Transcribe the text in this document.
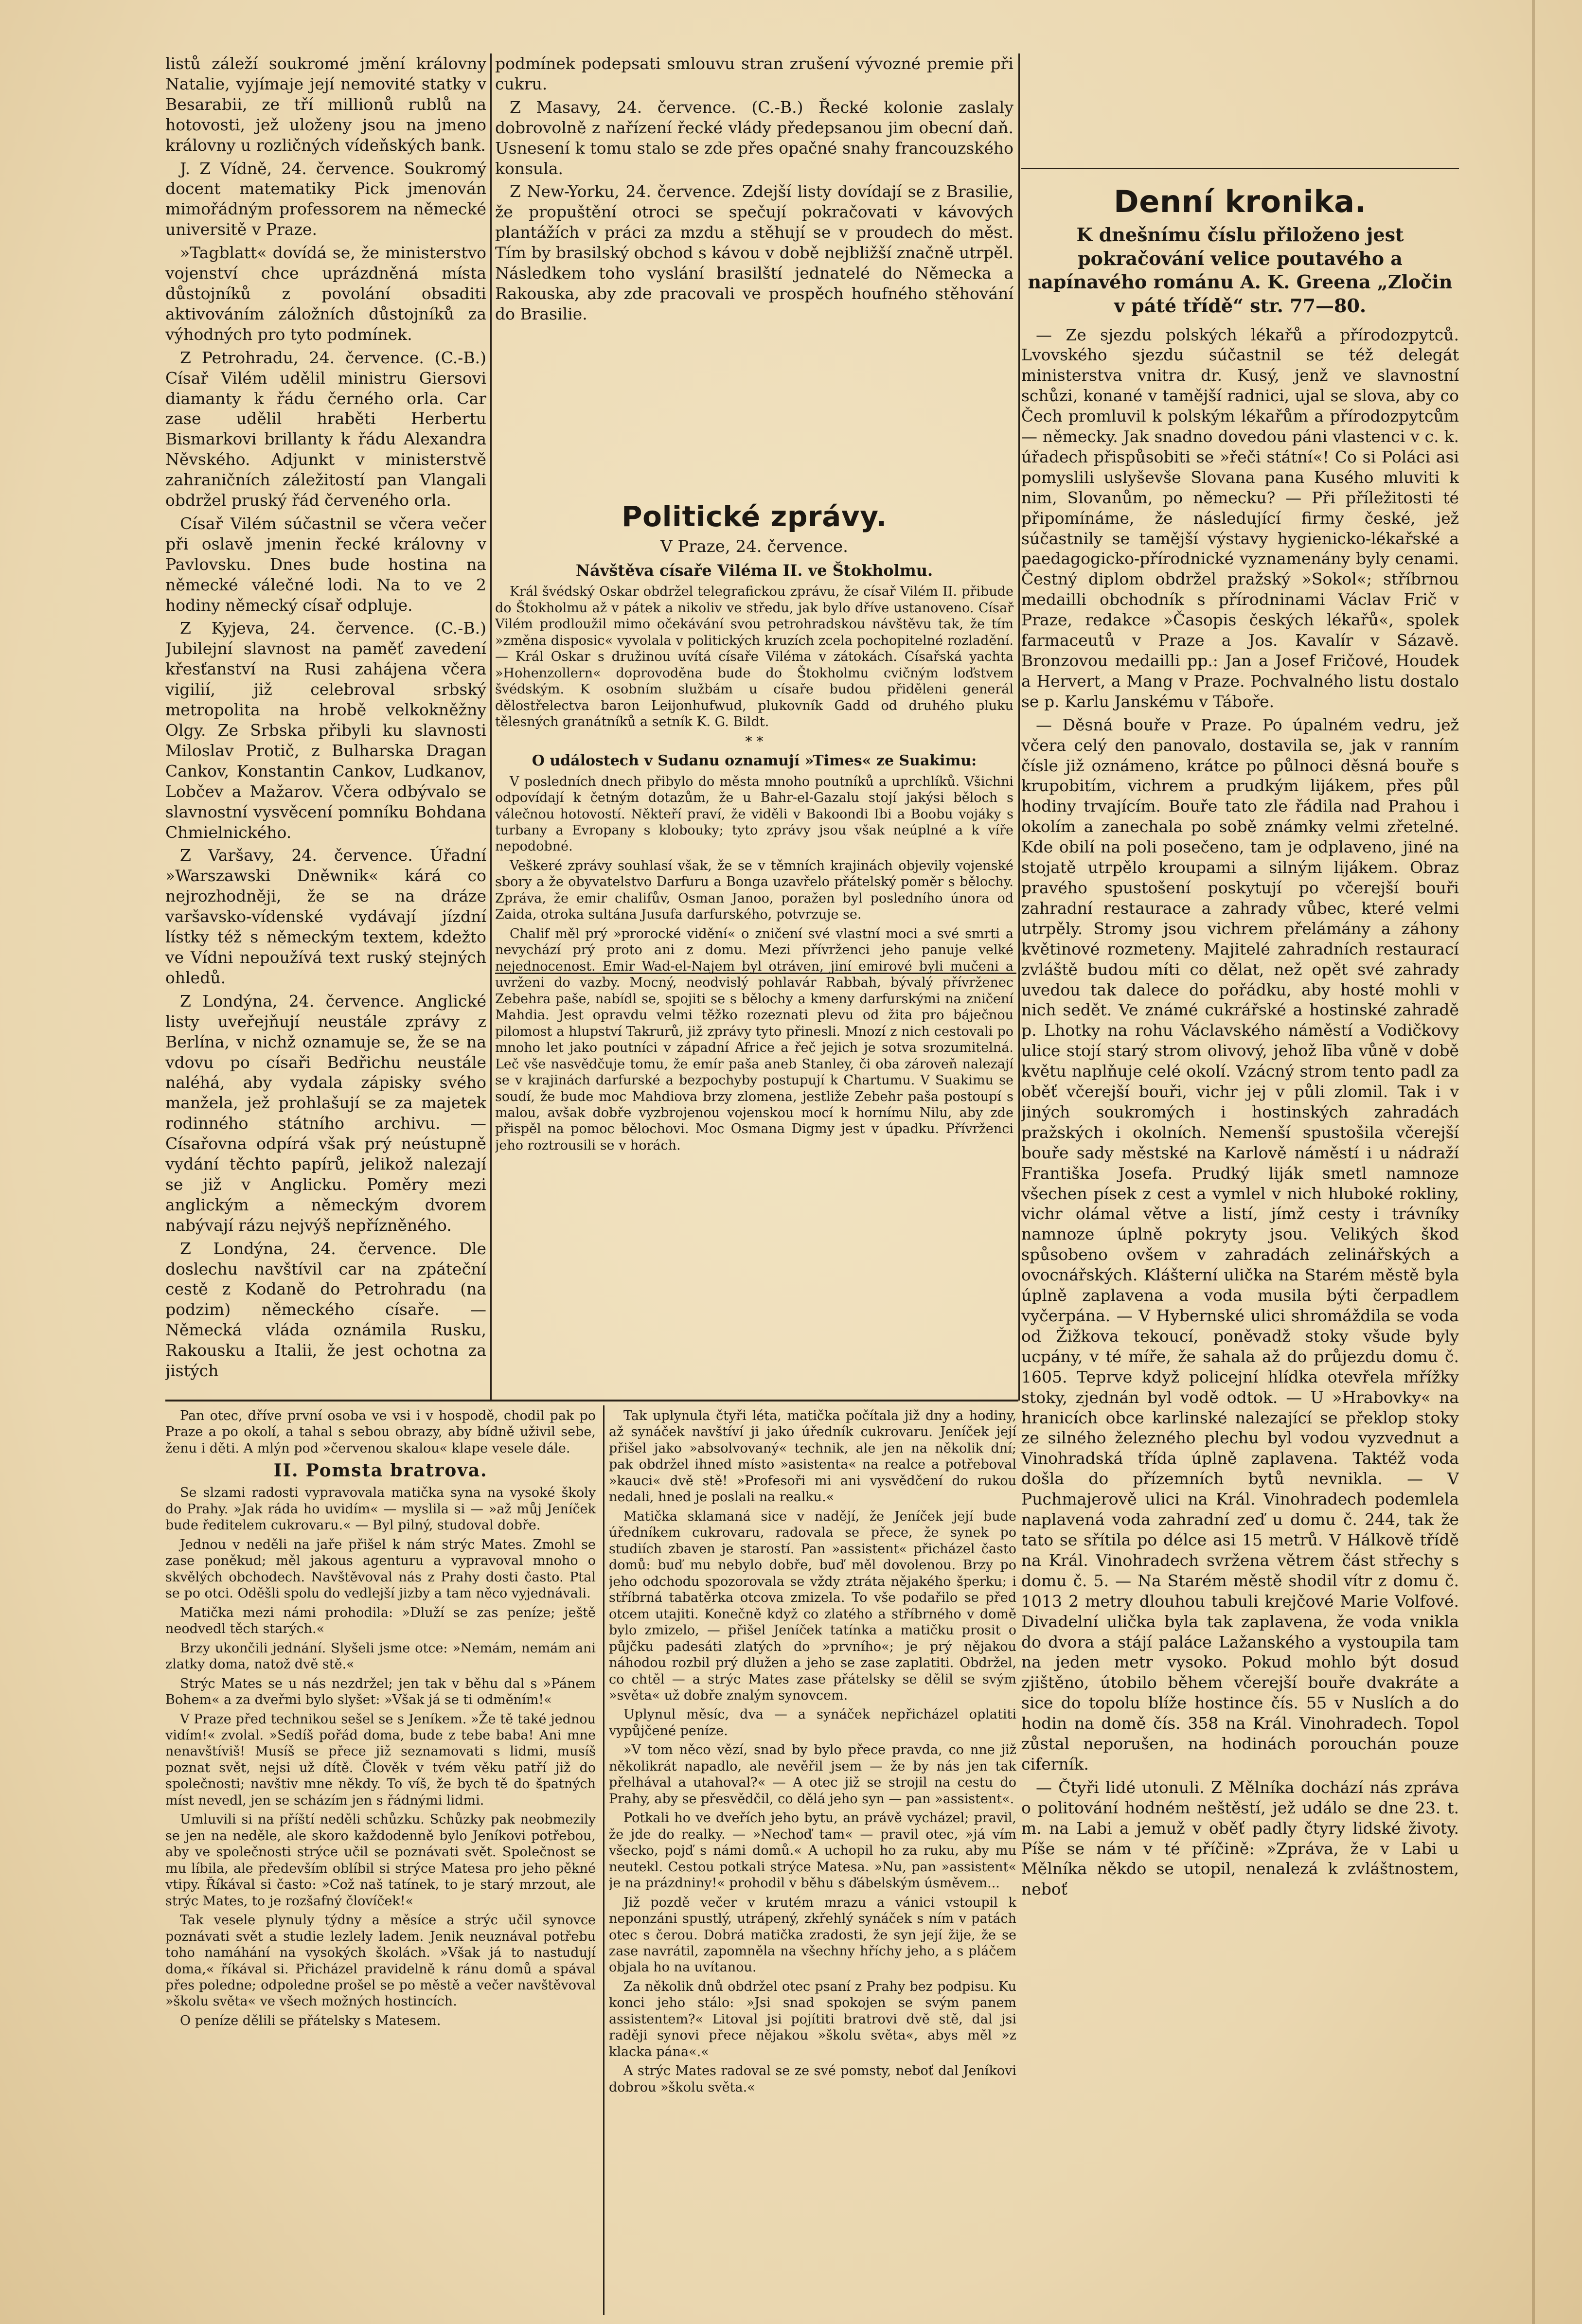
listů záleží soukromé jmění královny Natalie, vyjímaje její nemovité statky v Besarabii, ze tří millionů rublů na hotovosti, jež uloženy jsou na jmeno královny u rozličných vídeňských bank.

J. Z Vídně, 24. července. Soukromý docent matematiky Pick jmenován mimořádným professorem na německé universitě v Praze.

»Tagblatt« dovídá se, že ministerstvo vojenství chce uprázdněná místa důstojníků z povolání obsaditi aktivováním záložních důstojníků za výhodných pro tyto podmínek.

Z Petrohradu, 24. července. (C.-B.) Císař Vilém udělil ministru Giersovi diamanty k řádu černého orla. Car zase udělil hraběti Herbertu Bismarkovi brillanty k řádu Alexandra Něvského. Adjunkt v ministerstvě zahraničních záležitostí pan Vlangali obdržel pruský řád červeného orla.

Císař Vilém súčastnil se včera večer při oslavě jmenin řecké královny v Pavlovsku. Dnes bude hostina na německé válečné lodi. Na to ve 2 hodiny německý císař odpluje.

Z Kyjeva, 24. července. (C.-B.) Jubilejní slavnost na paměť zavedení křesťanství na Rusi zahájena včera vigilií, již celebroval srbský metropolita na hrobě velkokněžny Olgy. Ze Srbska přibyli ku slavnosti Miloslav Protič, z Bulharska Dragan Cankov, Konstantin Cankov, Ludkanov, Lobčev a Mažarov. Včera odbývalo se slavnostní vysvěcení pomníku Bohdana Chmielnického.

Z Varšavy, 24. července. Úřadní »Warszawski Dněwnik« kárá co nejrozhodněji, že se na dráze varšavsko-vídenské vydávají jízdní lístky též s německým textem, kdežto ve Vídni nepoužívá text ruský stejných ohledů.

Z Londýna, 24. července. Anglické listy uveřejňují neustále zprávy z Berlína, v nichž oznamuje se, že se na vdovu po císaři Bedřichu neustále naléhá, aby vydala zápisky svého manžela, jež prohlašují se za majetek rodinného státního archivu. — Císařovna odpírá však prý neústupně vydání těchto papírů, jelikož nalezají se již v Anglicku. Poměry mezi anglickým a německým dvorem nabývají rázu nejvýš nepřízněného.

Z Londýna, 24. července. Dle doslechu navštívil car na zpáteční cestě z Kodaně do Petrohradu (na podzim) německého císaře. — Německá vláda oznámila Rusku, Rakousku a Italii, že jest ochotna za jistých

podmínek podepsati smlouvu stran zrušení vývozné premie při cukru.

Z Masavy, 24. července. (C.-B.) Řecké kolonie zaslaly dobrovolně z nařízení řecké vlády předepsanou jim obecní daň. Usnesení k tomu stalo se zde přes opačné snahy francouzského konsula.

Z New-Yorku, 24. července. Zdejší listy dovídají se z Brasilie, že propuštění otroci se spečují pokračovati v kávových plantážích v práci za mzdu a stěhují se v proudech do měst. Tím by brasilský obchod s kávou v době nejbližší značně utrpěl. Následkem toho vyslání brasilští jednatelé do Německa a Rakouska, aby zde pracovali ve prospěch houfného stěhování do Brasilie.

Politické zprávy.
V Praze, 24. července.
Návštěva císaře Viléma II. ve Štokholmu.

Král švédský Oskar obdržel telegrafickou zprávu, že císař Vilém II. přibude do Štokholmu až v pátek a nikoliv ve středu, jak bylo dříve ustanoveno. Císař Vilém prodloužil mimo očekávání svou petrohradskou návštěvu tak, že tím »změna disposic« vyvolala v politických kruzích zcela pochopitelné rozladění. — Král Oskar s družinou uvítá císaře Viléma v zátokách. Císařská yachta »Hohenzollern« doprovoděna bude do Štokholmu cvičným loďstvem švédským. K osobním službám u císaře budou přiděleni generál dělostřelectva baron Leijonhufwud, plukovník Gadd od druhého pluku tělesných granátníků a setník K. G. Bildt.

* *
O událostech v Sudanu oznamují »Times« ze Suakimu:

V posledních dnech přibylo do města mnoho poutníků a uprchlíků. Všichni odpovídají k četným dotazům, že u Bahr-el-Gazalu stojí jakýsi běloch s válečnou hotovostí. Někteří praví, že viděli v Bakoondi Ibi a Boobu vojáky s turbany a Evropany s klobouky; tyto zprávy jsou však neúplné a k víře nepodobné.

Veškeré zprávy souhlasí však, že se v těmních krajinách objevily vojenské sbory a že obyvatelstvo Darfuru a Bonga uzavřelo přátelský poměr s bělochy. Zpráva, že emir chalifův, Osman Janoo, poražen byl posledního února od Zaida, otroka sultána Jusufa darfurského, potvrzuje se.

Chalif měl prý »prorocké vidění« o zničení své vlastní moci a své smrti a nevychází prý proto ani z domu. Mezi přívrženci jeho panuje velké nejednocenost. Emir Wad-el-Najem byl otráven, jiní emirové byli mučeni a uvrženi do vazby. Mocný, neodvislý pohlavár Rabbah, bývalý přívrženec Zebehra paše, nabídl se, spojiti se s bělochy a kmeny darfurskými na zničení Mahdia. Jest opravdu velmi těžko rozeznati plevu od žita pro báječnou pilomost a hlupství Takrurů, již zprávy tyto přinesli. Mnozí z nich cestovali po mnoho let jako poutníci v západní Africe a řeč jejich je sotva srozumitelná. Leč vše nasvědčuje tomu, že emír paša aneb Stanley, či oba zároveň nalezají se v krajinách darfurské a bezpochyby postupují k Chartumu. V Suakimu se soudí, že bude moc Mahdiova brzy zlomena, jestliže Zebehr paša postoupí s malou, avšak dobře vyzbrojenou vojenskou mocí k hornímu Nilu, aby zde přispěl na pomoc bělochovi. Moc Osmana Digmy jest v úpadku. Přívrženci jeho roztrousili se v horách.

Denní kronika.
K dnešnímu číslu přiloženo jest pokračování velice poutavého a napínavého románu A. K. Greena „Zločin v páté třídě“ str. 77—80.

— Ze sjezdu polských lékařů a přírodozpytců. Lvovského sjezdu súčastnil se též delegát ministerstva vnitra dr. Kusý, jenž ve slavnostní schůzi, konané v tamější radnici, ujal se slova, aby co Čech promluvil k polským lékařům a přírodozpytcům — německy. Jak snadno dovedou páni vlastenci v c. k. úřadech přispůsobiti se »řeči státní«! Co si Poláci asi pomyslili uslyševše Slovana pana Kusého mluviti k nim, Slovanům, po německu? — Při příležitosti té připomínáme, že následující firmy české, jež súčastnily se tamější výstavy hygienicko-lékařské a paedagogicko-přírodnické vyznamenány byly cenami. Čestný diplom obdržel pražský »Sokol«; stříbrnou medailli obchodník s přírodninami Václav Frič v Praze, redakce »Časopis českých lékařů«, spolek farmaceutů v Praze a Jos. Kavalír v Sázavě. Bronzovou medailli pp.: Jan a Josef Fričové, Houdek a Hervert, a Mang v Praze. Pochvalného listu dostalo se p. Karlu Janskému v Táboře.

— Děsná bouře v Praze. Po úpalném vedru, jež včera celý den panovalo, dostavila se, jak v ranním čísle již oznámeno, krátce po půlnoci děsná bouře s krupobitím, vichrem a prudkým lijákem, přes půl hodiny trvajícím. Bouře tato zle řádila nad Prahou i okolím a zanechala po sobě známky velmi zřetelné. Kde obilí na poli posečeno, tam je odplaveno, jiné na stojatě utrpělo kroupami a silným lijákem. Obraz pravého spustošení poskytují po včerejší bouři zahradní restaurace a zahrady vůbec, které velmi utrpěly. Stromy jsou vichrem přelámány a záhony květinové rozmeteny. Majitelé zahradních restaurací zvláště budou míti co dělat, než opět své zahrady uvedou tak dalece do pořádku, aby hosté mohli v nich sedět. Ve známé cukrářské a hostinské zahradě p. Lhotky na rohu Václavského náměstí a Vodičkovy ulice stojí starý strom olivový, jehož lība vůně v době květu naplňuje celé okolí. Vzácný strom tento padl za oběť včerejší bouři, vichr jej v půli zlomil. Tak i v jiných soukromých i hostinských zahradách pražských i okolních. Nemenší spustošila včerejší bouře sady městské na Karlově náměstí i u nádraží Františka Josefa. Prudký liják smetl namnoze všechen písek z cest a vymlel v nich hluboké rokliny, vichr olámal větve a listí, jímž cesty i trávníky namnoze úplně pokryty jsou. Velikých škod spůsobeno ovšem v zahradách zelinářských a ovocnářských. Klášterní ulička na Starém městě byla úplně zaplavena a voda musila býti čerpadlem vyčerpána. — V Hybernské ulici shromáždila se voda od Žižkova tekoucí, poněvadž stoky všude byly ucpány, v té míře, že sahala až do průjezdu domu č. 1605. Teprve když policejní hlídka otevřela mřížky stoky, zjednán byl vodě odtok. — U »Hrabovky« na hranicích obce karlinské nalezající se překlop stoky ze silného železného plechu byl vodou vyzvednut a Vinohradská třída úplně zaplavena. Taktéž voda došla do přízemních bytů nevnikla. — V Puchmajerově ulici na Král. Vinohradech podemlela naplavená voda zahradní zeď u domu č. 244, tak že tato se sřítila po délce asi 15 metrů. V Hálkově třídě na Král. Vinohradech svržena větrem část střechy s domu č. 5. — Na Starém městě shodil vítr z domu č. 1013 2 metry dlouhou tabuli krejčové Marie Volfové. Divadelní ulička byla tak zaplavena, že voda vnikla do dvora a stájí paláce Lažanského a vystoupila tam na jeden metr vysoko. Pokud mohlo být dosud zjištěno, útobilo během včerejší bouře dvakráte a sice do topolu blíže hostince čís. 55 v Nuslích a do hodin na domě čís. 358 na Král. Vinohradech. Topol zůstal neporušen, na hodinách porouchán pouze ciferník.

— Čtyři lidé utonuli. Z Mělníka dochází nás zpráva o politování hodném neštěstí, jež událo se dne 23. t. m. na Labi a jemuž v oběť padly čtyry lidské životy. Píše se nám v té příčině: »Zpráva, že v Labi u Mělníka někdo se utopil, nenalezá k zvláštnostem, neboť

Pan otec, dříve první osoba ve vsi i v hospodě, chodil pak po Praze a po okolí, a tahal s sebou obrazy, aby bídně uživil sebe, ženu i děti. A mlýn pod »červenou skalou« klape vesele dále.

II. Pomsta bratrova.

Se slzami radosti vypravovala matička syna na vysoké školy do Prahy. »Jak ráda ho uvidím« — myslila si — »až můj Jeníček bude ředitelem cukrovaru.« — Byl pilný, studoval dobře.

Jednou v neděli na jaře přišel k nám strýc Mates. Zmohl se zase poněkud; měl jakous agenturu a vypravoval mnoho o skvělých obchodech. Navštěvoval nás z Prahy dosti často. Ptal se po otci. Oděšli spolu do vedlejší jizby a tam něco vyjednávali.

Matička mezi námi prohodila: »Dluží se zas peníze; ještě neodvedl těch starých.«

Brzy ukončili jednání. Slyšeli jsme otce: »Nemám, nemám ani zlatky doma, natož dvě stě.«

Strýc Mates se u nás nezdržel; jen tak v běhu dal s »Pánem Bohem« a za dveřmi bylo slyšet: »Však já se ti odměním!«

V Praze před technikou sešel se s Jeníkem. »Že tě také jednou vidím!« zvolal. »Sedíš pořád doma, bude z tebe baba! Ani mne nenavštíviš! Musíš se přece již seznamovati s lidmi, musíš poznat svět, nejsi už dítě. Člověk v tvém věku patří již do společnosti; navštiv mne někdy. To víš, že bych tě do špatných míst nevedl, jen se scházím jen s řádnými lidmi.

Umluvili si na příští neděli schůzku. Schůzky pak neobmezily se jen na neděle, ale skoro každodenně bylo Jeníkovi potřebou, aby ve společnosti strýce učil se poznávati svět. Společnost se mu líbila, ale především oblíbil si strýce Matesa pro jeho pěkné vtipy. Říkával si často: »Což naš tatínek, to je starý mrzout, ale strýc Mates, to je rozšafný človíček!«

Tak vesele plynuly týdny a měsíce a strýc učil synovce poznávati svět a studie lezlely ladem. Jenik neuznával potřebu toho namáhání na vysokých školách. »Však já to nastudují doma,« říkával si. Přicházel pravidelně k ránu domů a spával přes poledne; odpoledne prošel se po městě a večer navštěvoval »školu světa« ve všech možných hostincích.

O peníze dělili se přátelsky s Matesem.

Tak uplynula čtyři léta, matička počítala již dny a hodiny, až synáček navštíví ji jako úředník cukrovaru. Jeníček její přišel jako »absolvovaný« technik, ale jen na několik dní; pak obdržel ihned místo »asistenta« na realce a potřeboval »kauci« dvě stě! »Profesoři mi ani vysvědčení do rukou nedali, hned je poslali na realku.«

Matička sklamaná sice v nadějí, že Jeníček její bude úředníkem cukrovaru, radovala se přece, že synek po studiích zbaven je starostí. Pan »assistent« přicházel často domů: buď mu nebylo dobře, buď měl dovolenou. Brzy po jeho odchodu spozorovala se vždy ztráta nějakého šperku; i stříbrná tabatěrka otcova zmizela. To vše podařilo se před otcem utajiti. Konečně když co zlatého a stříbrného v domě bylo zmizelo, — přišel Jeníček tatínka a matičku prosit o půjčku padesáti zlatých do »prvního«; je prý nějakou náhodou rozbil prý dlužen a jeho se zase zaplatiti. Obdržel, co chtěl — a strýc Mates zase přátelsky se dělil se svým »světa« už dobře znalým synovcem.

Uplynul měsíc, dva — a synáček nepřicházel oplatiti vypůjčené peníze.

»V tom něco vězí, snad by bylo přece pravda, co nne již několikrát napadlo, ale nevěřil jsem — že by nás jen tak přelhával a utahoval?« — A otec již se strojil na cestu do Prahy, aby se přesvědčil, co dělá jeho syn — pan »assistent«.

Potkali ho ve dveřích jeho bytu, an právě vycházel; pravil, že jde do realky. — »Nechoď tam« — pravil otec, »já vím všecko, pojď s námi domů.« A uchopil ho za ruku, aby mu neutekl. Cestou potkali strýce Matesa. »Nu, pan »assistent« je na prázdniny!« prohodil v běhu s ďábelským úsměvem...

Již pozdě večer v krutém mrazu a vánici vstoupil k neponzáni spustlý, utrápený, zkřehlý synáček s ním v patách otec s čerou. Dobrá matička zradosti, že syn její žije, že se zase navrátil, zapomněla na všechny hříchy jeho, a s pláčem objala ho na uvítanou.

Za několik dnů obdržel otec psaní z Prahy bez podpisu. Ku konci jeho stálo: »Jsi snad spokojen se svým panem assistentem?« Litoval jsi pojítiti bratrovi dvě stě, dal jsi raději synovi přece nějakou »školu světa«, abys měl »z klacka pána«.«

A strýc Mates radoval se ze své pomsty, neboť dal Jeníkovi dobrou »školu světa.«
